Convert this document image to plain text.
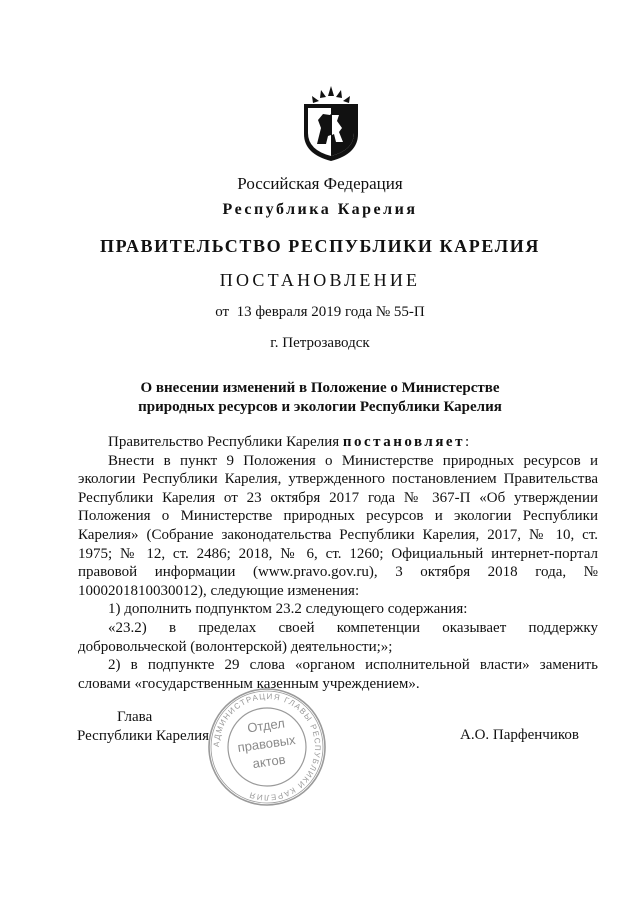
Российская Федерация
Республика Карелия
ПРАВИТЕЛЬСТВО РЕСПУБЛИКИ КАРЕЛИЯ
ПОСТАНОВЛЕНИЕ
от  13 февраля 2019 года № 55-П
г. Петрозаводск
О внесении изменений в Положение о Министерстве
природных ресурсов и экологии Республики Карелия

Правительство Республики Карелия постановляет:

Внести в пункт 9 Положения о Министерстве природных ресурсов и экологии Республики Карелия, утвержденного постановлением Правительства Республики Карелия от 23 октября 2017 года № 367-П «Об утверждении Положения о Министерстве природных ресурсов и экологии Республики Карелия» (Собрание законодательства Республики Карелия, 2017, № 10, ст. 1975; № 12, ст. 2486; 2018, № 6, ст. 1260; Официальный интернет-портал правовой информации (www.pravo.gov.ru), 3 октября 2018 года, № 1000201810030012), следующие изменения:

1) дополнить подпунктом 23.2 следующего содержания:

«23.2) в пределах своей компетенции оказывает поддержку добровольческой (волонтерской) деятельности;»;

2) в подпункте 29 слова «органом исполнительной власти» заменить словами «государственным казенным учреждением».

Глава
Республики Карелия	А.О. Парфенчиков
АДМИНИСТРАЦИЯ ГЛАВЫ РЕСПУБЛИКИ КАРЕЛИЯ
Отдел
правовых
актов
